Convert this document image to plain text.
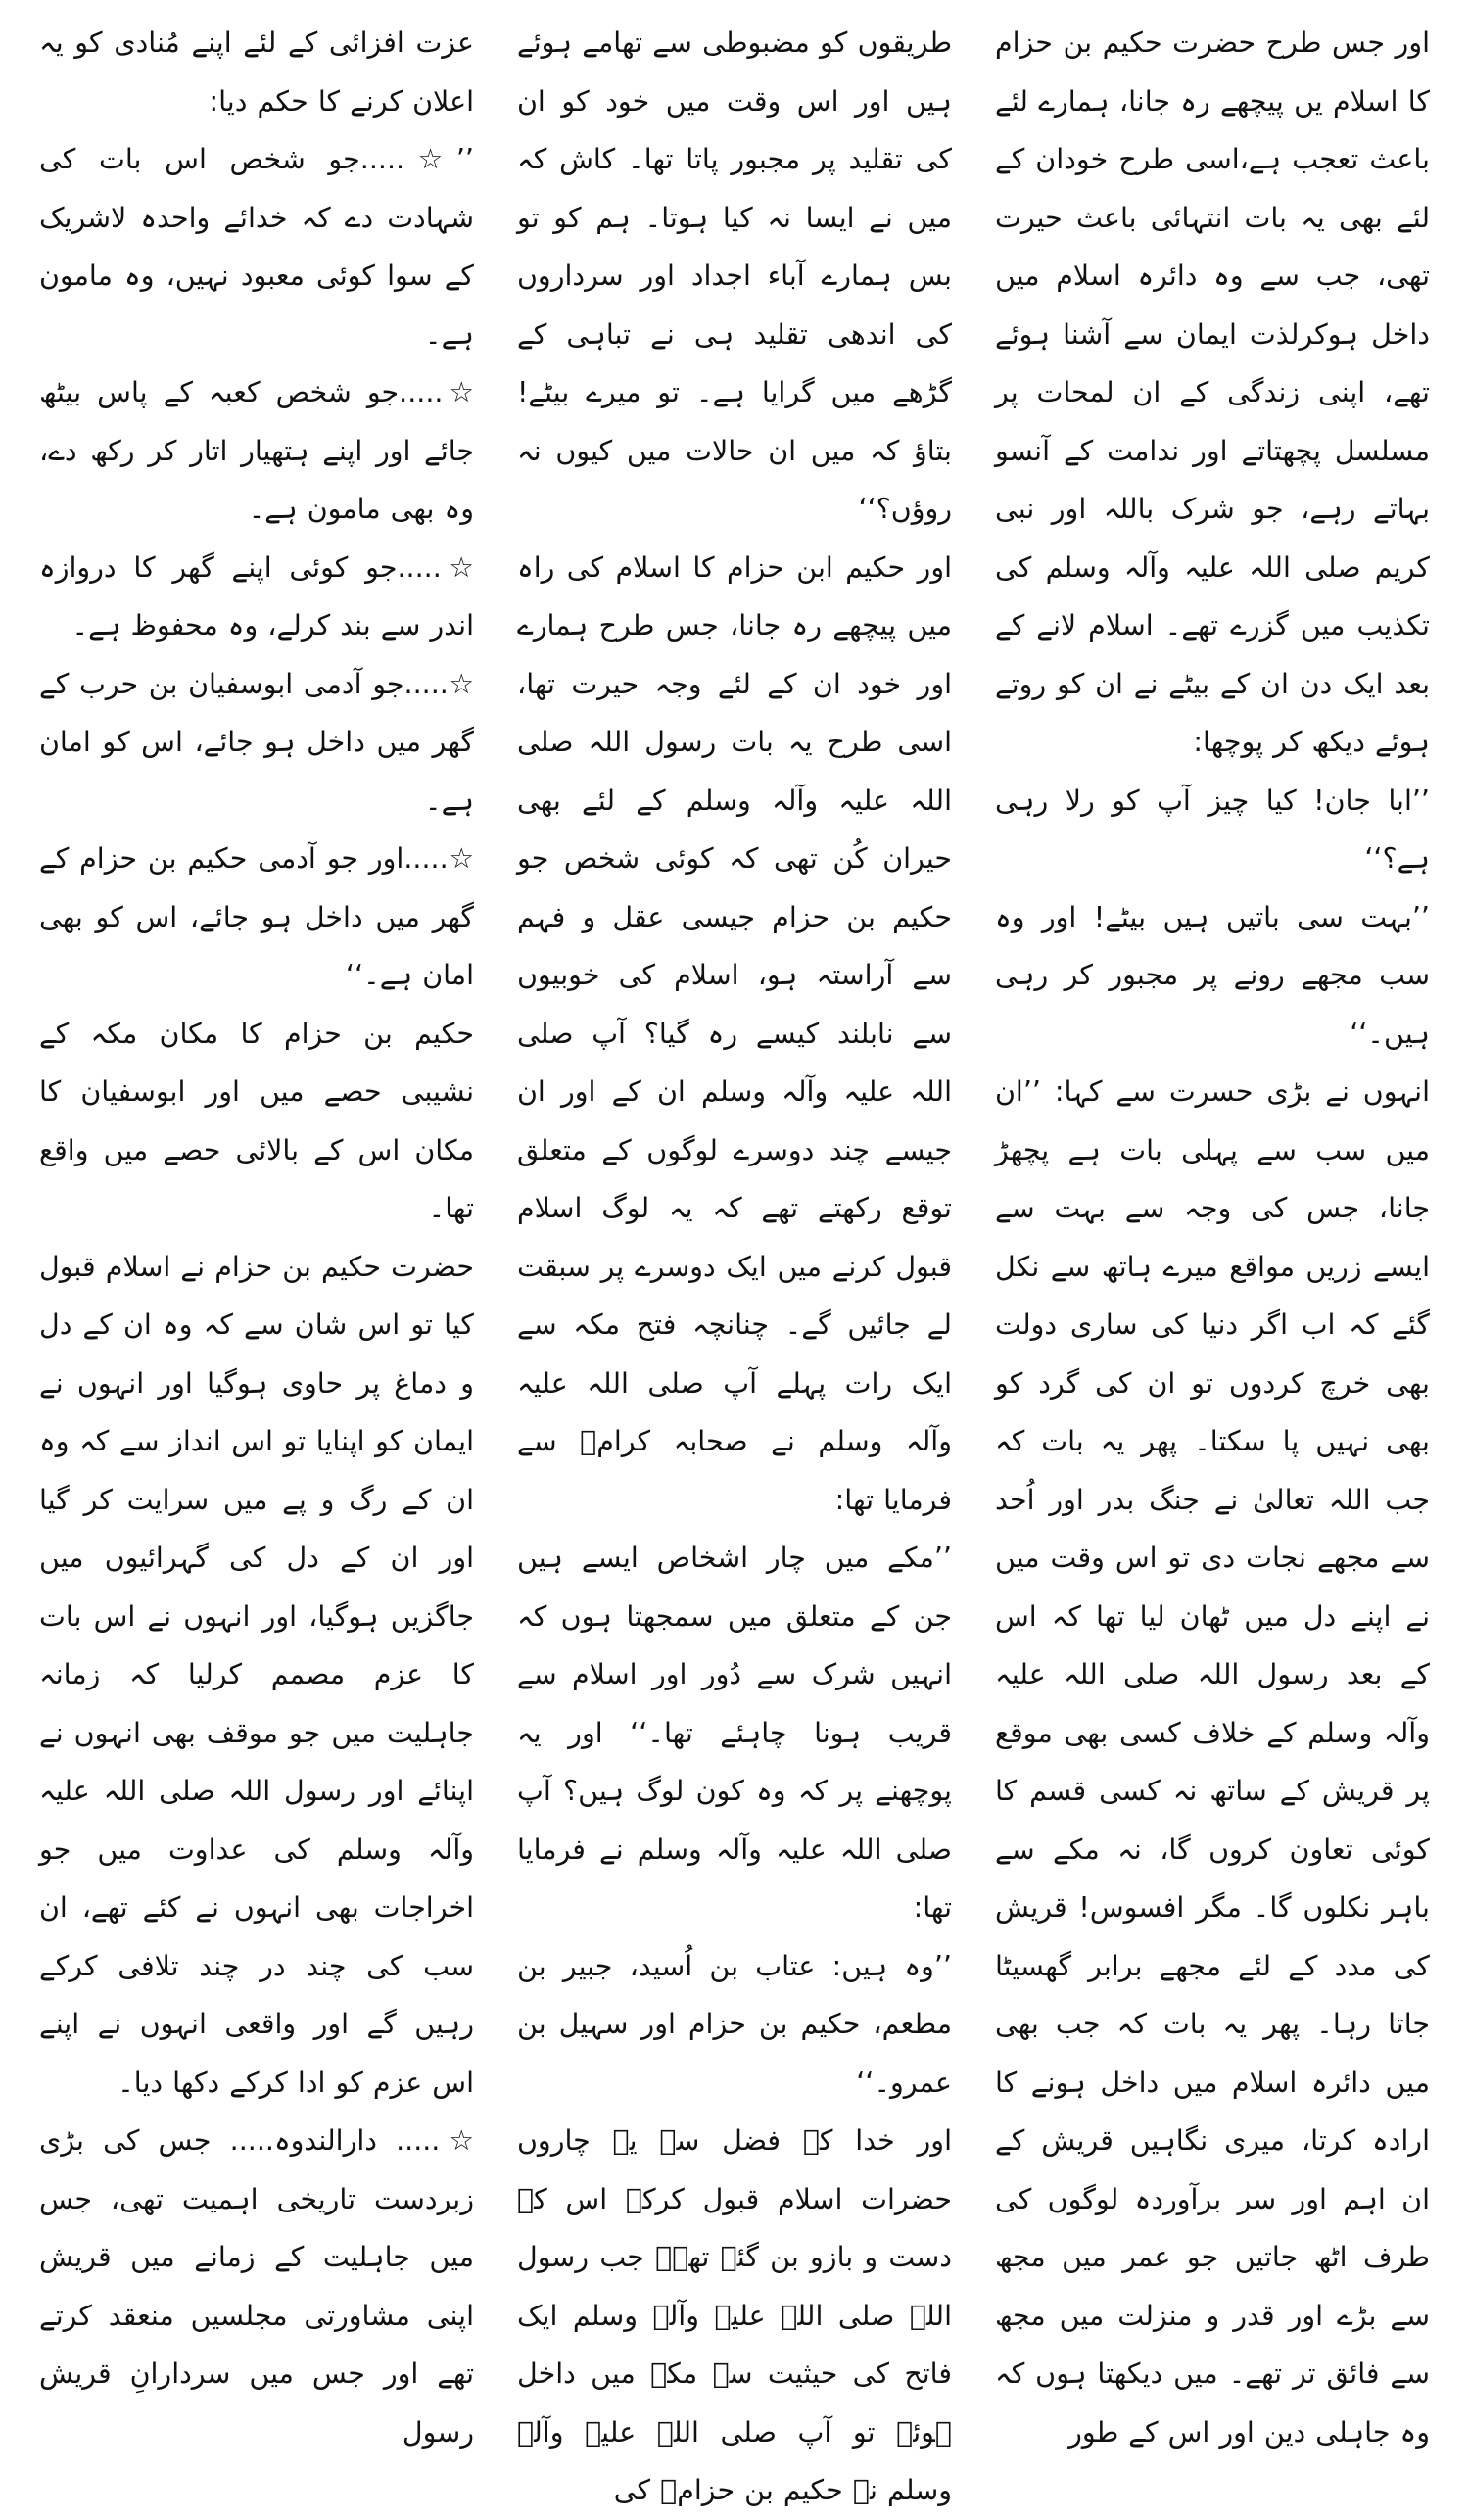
اور جس طرح حضرت حکیم بن حزام کا اسلام یں پیچھے رہ جانا، ہمارے لئے باعث تعجب ہے،اسی طرح خودان کے لئے بھی یہ بات انتہائی باعث حیرت تھی، جب سے وہ دائرہ اسلام میں داخل ہوکرلذت ایمان سے آشنا ہوئے تھے، اپنی زندگی کے ان لمحات پر مسلسل پچھتاتے اور ندامت کے آنسو بہاتے رہے، جو شرک باللہ اور نبی کریم صلی اللہ علیہ وآلہ وسلم کی تکذیب میں گزرے تھے۔ اسلام لانے کے بعد ایک دن ان کے بیٹے نے ان کو روتے ہوئے دیکھ کر پوچھا:

’’ابا جان! کیا چیز آپ کو رلا رہی ہے؟‘‘

’’بہت سی باتیں ہیں بیٹے! اور وہ سب مجھے رونے پر مجبور کر رہی ہیں۔‘‘

انہوں نے بڑی حسرت سے کہا: ’’ان میں سب سے پہلی بات ہے پچھڑ جانا، جس کی وجہ سے بہت سے ایسے زریں مواقع میرے ہاتھ سے نکل گئے کہ اب اگر دنیا کی ساری دولت بھی خرچ کردوں تو ان کی گرد کو بھی نہیں پا سکتا۔ پھر یہ بات کہ جب اللہ تعالیٰ نے جنگ بدر اور اُحد سے مجھے نجات دی تو اس وقت میں نے اپنے دل میں ٹھان لیا تھا کہ اس کے بعد رسول اللہ صلی اللہ علیہ وآلہ وسلم کے خلاف کسی بھی موقع پر قریش کے ساتھ نہ کسی قسم کا کوئی تعاون کروں گا، نہ مکے سے باہر نکلوں گا۔ مگر افسوس! قریش کی مدد کے لئے مجھے برابر گھسیٹا جاتا رہا۔ پھر یہ بات کہ جب بھی میں دائرہ اسلام میں داخل ہونے کا ارادہ کرتا، میری نگاہیں قریش کے ان اہم اور سر برآوردہ لوگوں کی طرف اٹھ جاتیں جو عمر میں مجھ سے بڑے اور قدر و منزلت میں مجھ سے فائق تر تھے۔ میں دیکھتا ہوں کہ وہ جاہلی دین اور اس کے طور

طریقوں کو مضبوطی سے تھامے ہوئے ہیں اور اس وقت میں خود کو ان کی تقلید پر مجبور پاتا تھا۔ کاش کہ میں نے ایسا نہ کیا ہوتا۔ ہم کو تو بس ہمارے آباء اجداد اور سرداروں کی اندھی تقلید ہی نے تباہی کے گڑھے میں گرایا ہے۔ تو میرے بیٹے! بتاؤ کہ میں ان حالات میں کیوں نہ روؤں؟‘‘

اور حکیم ابن حزام کا اسلام کی راہ میں پیچھے رہ جانا، جس طرح ہمارے اور خود ان کے لئے وجہ حیرت تھا، اسی طرح یہ بات رسول اللہ صلی اللہ علیہ وآلہ وسلم کے لئے بھی حیران کُن تھی کہ کوئی شخص جو حکیم بن حزام جیسی عقل و فہم سے آراستہ ہو، اسلام کی خوبیوں سے نابلند کیسے رہ گیا؟ آپ صلی اللہ علیہ وآلہ وسلم ان کے اور ان جیسے چند دوسرے لوگوں کے متعلق توقع رکھتے تھے کہ یہ لوگ اسلام قبول کرنے میں ایک دوسرے پر سبقت لے جائیں گے۔ چنانچہ فتح مکہ سے ایک رات پہلے آپ صلی اللہ علیہ وآلہ وسلم نے صحابہ کرامؓ سے فرمایا تھا:

’’مکے میں چار اشخاص ایسے ہیں جن کے متعلق میں سمجھتا ہوں کہ انہیں شرک سے دُور اور اسلام سے قریب ہونا چاہئے تھا۔‘‘ اور یہ پوچھنے پر کہ وہ کون لوگ ہیں؟ آپ صلی اللہ علیہ وآلہ وسلم نے فرمایا تھا:

’’وہ ہیں: عتاب بن اُسید، جبیر بن مطعم، حکیم بن حزام اور سہیل بن عمرو۔‘‘

اور خدا کے فضل سے یہ چاروں حضرات اسلام قبول کرکے اس کے دست و بازو بن گئے تھے۔ جب رسول اللہ صلی اللہ علیہ وآلہ وسلم ایک فاتح کی حیثیت سے مکہ میں داخل ہوئے تو آپ صلی اللہ علیہ وآلہ وسلم نے حکیم بن حزامؓ کی

عزت افزائی کے لئے اپنے مُنادی کو یہ اعلان کرنے کا حکم دیا:

’’☆.....جو شخص اس بات کی شہادت دے کہ خدائے واحدہ لاشریک کے سوا کوئی معبود نہیں، وہ مامون ہے۔

☆.....جو شخص کعبہ کے پاس بیٹھ جائے اور اپنے ہتھیار اتار کر رکھ دے، وہ بھی مامون ہے۔

☆.....جو کوئی اپنے گھر کا دروازہ اندر سے بند کرلے، وہ محفوظ ہے۔

☆.....جو آدمی ابوسفیان بن حرب کے گھر میں داخل ہو جائے، اس کو امان ہے۔

☆.....اور جو آدمی حکیم بن حزام کے گھر میں داخل ہو جائے، اس کو بھی امان ہے۔‘‘

حکیم بن حزام کا مکان مکہ کے نشیبی حصے میں اور ابوسفیان کا مکان اس کے بالائی حصے میں واقع تھا۔

حضرت حکیم بن حزام نے اسلام قبول کیا تو اس شان سے کہ وہ ان کے دل و دماغ پر حاوی ہوگیا اور انہوں نے ایمان کو اپنایا تو اس انداز سے کہ وہ ان کے رگ و پے میں سرایت کر گیا اور ان کے دل کی گہرائیوں میں جاگزیں ہوگیا، اور انہوں نے اس بات کا عزم مصمم کرلیا کہ زمانہ جاہلیت میں جو موقف بھی انہوں نے اپنائے اور رسول اللہ صلی اللہ علیہ وآلہ وسلم کی عداوت میں جو اخراجات بھی انہوں نے کئے تھے، ان سب کی چند در چند تلافی کرکے رہیں گے اور واقعی انہوں نے اپنے اس عزم کو ادا کرکے دکھا دیا۔

☆..... دارالندوہ..... جس کی بڑی زبردست تاریخی اہمیت تھی، جس میں جاہلیت کے زمانے میں قریش اپنی مشاورتی مجلسیں منعقد کرتے تھے اور جس میں سردارانِ قریش رسول
